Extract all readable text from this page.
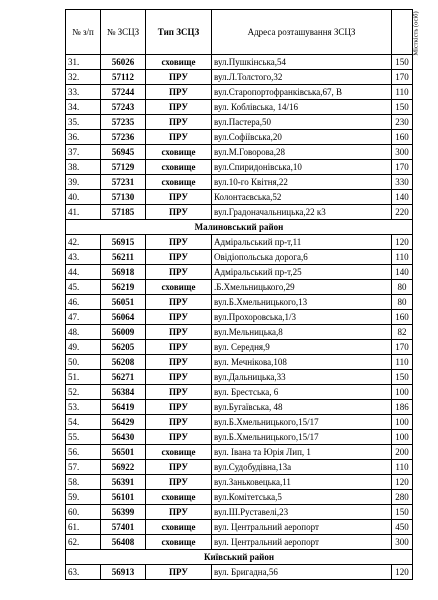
№ з/п	№ ЗСЦЗ	Тип ЗСЦЗ	Адреса розташування ЗСЦЗ	Місткість (осіб)
31.	56026	сховище	вул.Пушкінська,54	150
32.	57112	ПРУ	вул.Л.Толстого,32	170
33.	57244	ПРУ	вул.Старопортофранківська,67, В	110
34.	57243	ПРУ	вул. Коблівська, 14/16	150
35.	57235	ПРУ	вул.Пастера,50	230
36.	57236	ПРУ	вул.Софіївська,20	160
37.	56945	сховище	вул.М.Говорова,28	300
38.	57129	сховище	вул.Спиридонівська,10	170
39.	57231	сховище	вул.10-го Квітня,22	330
40.	57130	ПРУ	Колонтаєвська,52	140
41.	57185	ПРУ	вул.Градоначальницька,22 к3	220
Малиновський район				
42.	56915	ПРУ	Адміральський пр-т,11	120
43.	56211	ПРУ	Овідіопольська дорога,6	110
44.	56918	ПРУ	Адміральський пр-т,25	140
45.	56219	сховище	.Б.Хмельницького,29	80
46.	56051	ПРУ	вул.Б.Хмельницького,13	80
47.	56064	ПРУ	вул.Прохоровська,1/3	160
48.	56009	ПРУ	вул.Мельницька,8	82
49.	56205	ПРУ	вул. Середня,9	170
50.	56208	ПРУ	вул. Мечнікова,108	110
51.	56271	ПРУ	вул.Дальницька,33	150
52.	56384	ПРУ	вул. Брестська, 6	100
53.	56419	ПРУ	вул.Бугаївська, 48	186
54.	56429	ПРУ	вул.Б.Хмельницького,15/17	100
55.	56430	ПРУ	вул.Б.Хмельницького,15/17	100
56.	56501	сховище	вул. Івана та Юрія Лип, 1	200
57.	56922	ПРУ	вул.Судобудівна,13а	110
58.	56391	ПРУ	вул.Заньковецька,11	120
59.	56101	сховище	вул.Комітетська,5	280
60.	56399	ПРУ	вул.Ш.Руставелі,23	150
61.	57401	сховище	вул. Центральний аеропорт	450
62.	56408	сховище	вул. Центральний аеропорт	300
Київський район				
63.	56913	ПРУ	вул. Бригадна,56	120
